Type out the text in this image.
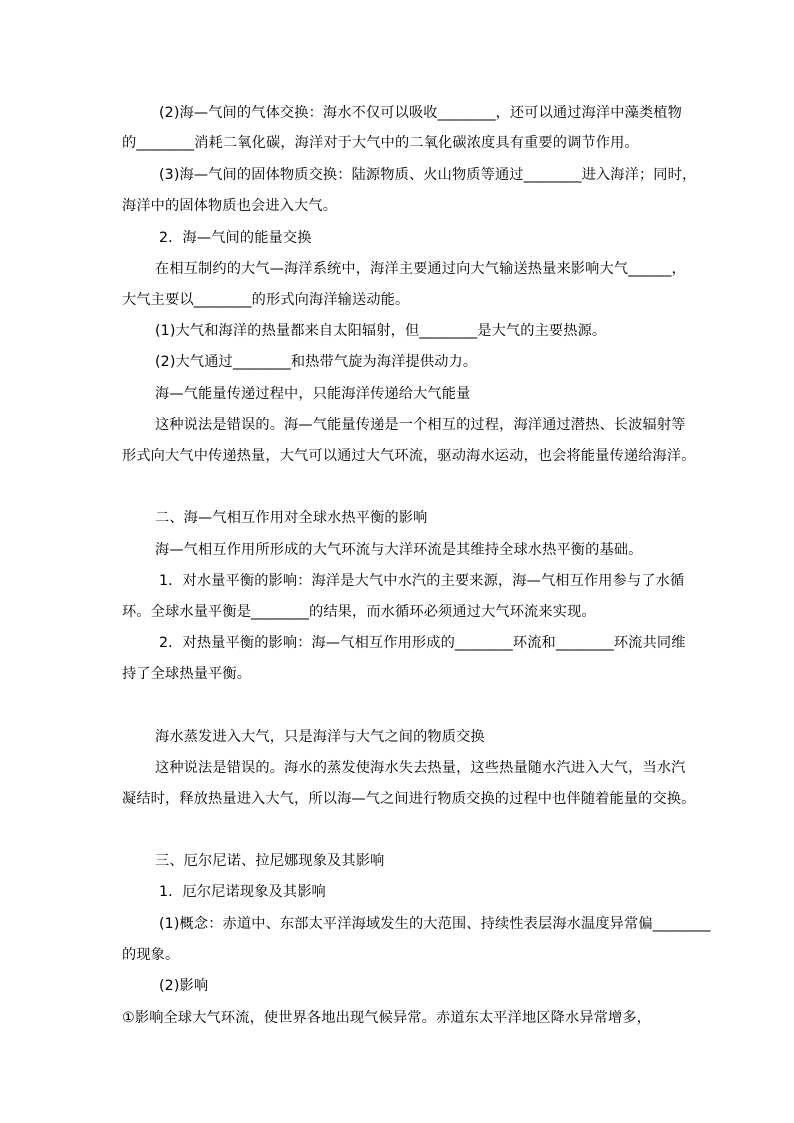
(2)海—气间的气体交换：海水不仅可以吸收________，还可以通过海洋中藻类植物
的________消耗二氧化碳，海洋对于大气中的二氧化碳浓度具有重要的调节作用。
(3)海—气间的固体物质交换：陆源物质、火山物质等通过________进入海洋；同时，
海洋中的固体物质也会进入大气。
2．海—气间的能量交换
在相互制约的大气—海洋系统中，海洋主要通过向大气输送热量来影响大气______，
大气主要以________的形式向海洋输送动能。
(1)大气和海洋的热量都来自太阳辐射，但________是大气的主要热源。
(2)大气通过________和热带气旋为海洋提供动力。
海—气能量传递过程中，只能海洋传递给大气能量
这种说法是错误的。海—气能量传递是一个相互的过程，海洋通过潜热、长波辐射等
形式向大气中传递热量，大气可以通过大气环流，驱动海水运动，也会将能量传递给海洋。
二、海—气相互作用对全球水热平衡的影响
海—气相互作用所形成的大气环流与大洋环流是其维持全球水热平衡的基础。
1．对水量平衡的影响：海洋是大气中水汽的主要来源，海—气相互作用参与了水循
环。全球水量平衡是________的结果，而水循环必须通过大气环流来实现。
2．对热量平衡的影响：海—气相互作用形成的________环流和________环流共同维
持了全球热量平衡。
海水蒸发进入大气，只是海洋与大气之间的物质交换
这种说法是错误的。海水的蒸发使海水失去热量，这些热量随水汽进入大气，当水汽
凝结时，释放热量进入大气，所以海—气之间进行物质交换的过程中也伴随着能量的交换。
三、厄尔尼诺、拉尼娜现象及其影响
1．厄尔尼诺现象及其影响
(1)概念：赤道中、东部太平洋海域发生的大范围、持续性表层海水温度异常偏________
的现象。
(2)影响
①影响全球大气环流，使世界各地出现气候异常。赤道东太平洋地区降水异常增多，
